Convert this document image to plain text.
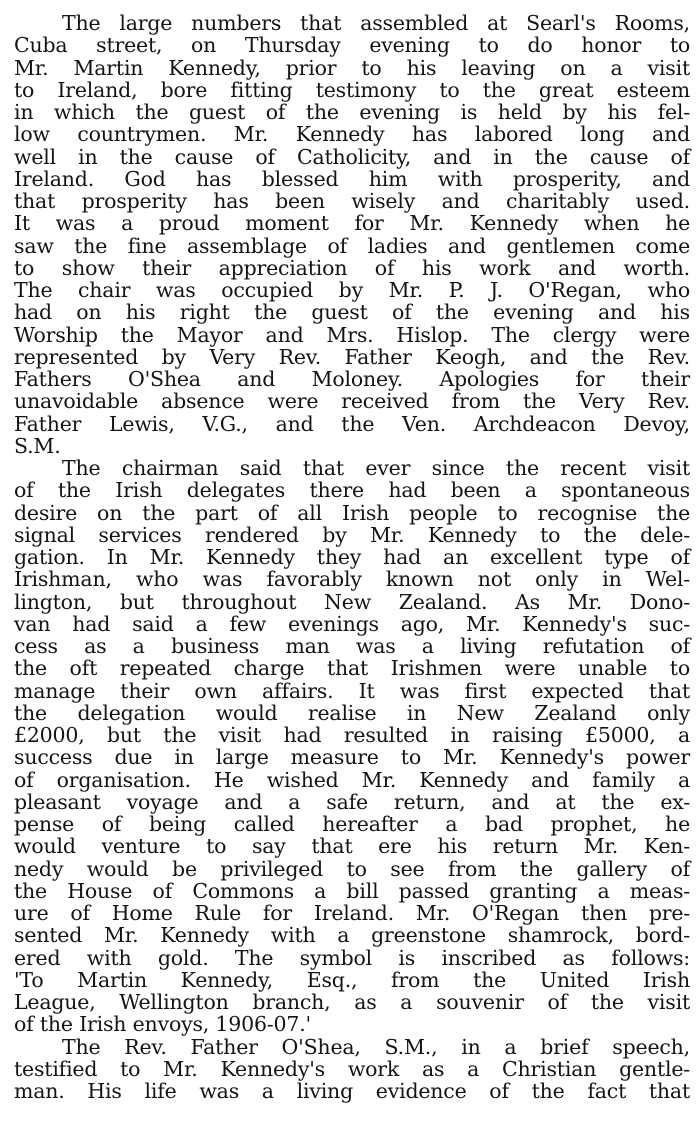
The large numbers that assembled at Searl's Rooms,
Cuba street, on Thursday evening to do honor to
Mr. Martin Kennedy, prior to his leaving on a visit
to Ireland, bore fitting testimony to the great esteem
in which the guest of the evening is held by his fel-
low countrymen. Mr. Kennedy has labored long and
well in the cause of Catholicity, and in the cause of
Ireland. God has blessed him with prosperity, and
that prosperity has been wisely and charitably used.
It was a proud moment for Mr. Kennedy when he
saw the fine assemblage of ladies and gentlemen come
to show their appreciation of his work and worth.
The chair was occupied by Mr. P. J. O'Regan, who
had on his right the guest of the evening and his
Worship the Mayor and Mrs. Hislop. The clergy were
represented by Very Rev. Father Keogh, and the Rev.
Fathers O'Shea and Moloney. Apologies for their
unavoidable absence were received from the Very Rev.
Father Lewis, V.G., and the Ven. Archdeacon Devoy,
S.M.
The chairman said that ever since the recent visit
of the Irish delegates there had been a spontaneous
desire on the part of all Irish people to recognise the
signal services rendered by Mr. Kennedy to the dele-
gation. In Mr. Kennedy they had an excellent type of
Irishman, who was favorably known not only in Wel-
lington, but throughout New Zealand. As Mr. Dono-
van had said a few evenings ago, Mr. Kennedy's suc-
cess as a business man was a living refutation of
the oft repeated charge that Irishmen were unable to
manage their own affairs. It was first expected that
the delegation would realise in New Zealand only
£2000, but the visit had resulted in raising £5000, a
success due in large measure to Mr. Kennedy's power
of organisation. He wished Mr. Kennedy and family a
pleasant voyage and a safe return, and at the ex-
pense of being called hereafter a bad prophet, he
would venture to say that ere his return Mr. Ken-
nedy would be privileged to see from the gallery of
the House of Commons a bill passed granting a meas-
ure of Home Rule for Ireland. Mr. O'Regan then pre-
sented Mr. Kennedy with a greenstone shamrock, bord-
ered with gold. The symbol is inscribed as follows:
'To Martin Kennedy, Esq., from the United Irish
League, Wellington branch, as a souvenir of the visit
of the Irish envoys, 1906-07.'
The Rev. Father O'Shea, S.M., in a brief speech,
testified to Mr. Kennedy's work as a Christian gentle-
man. His life was a living evidence of the fact that
